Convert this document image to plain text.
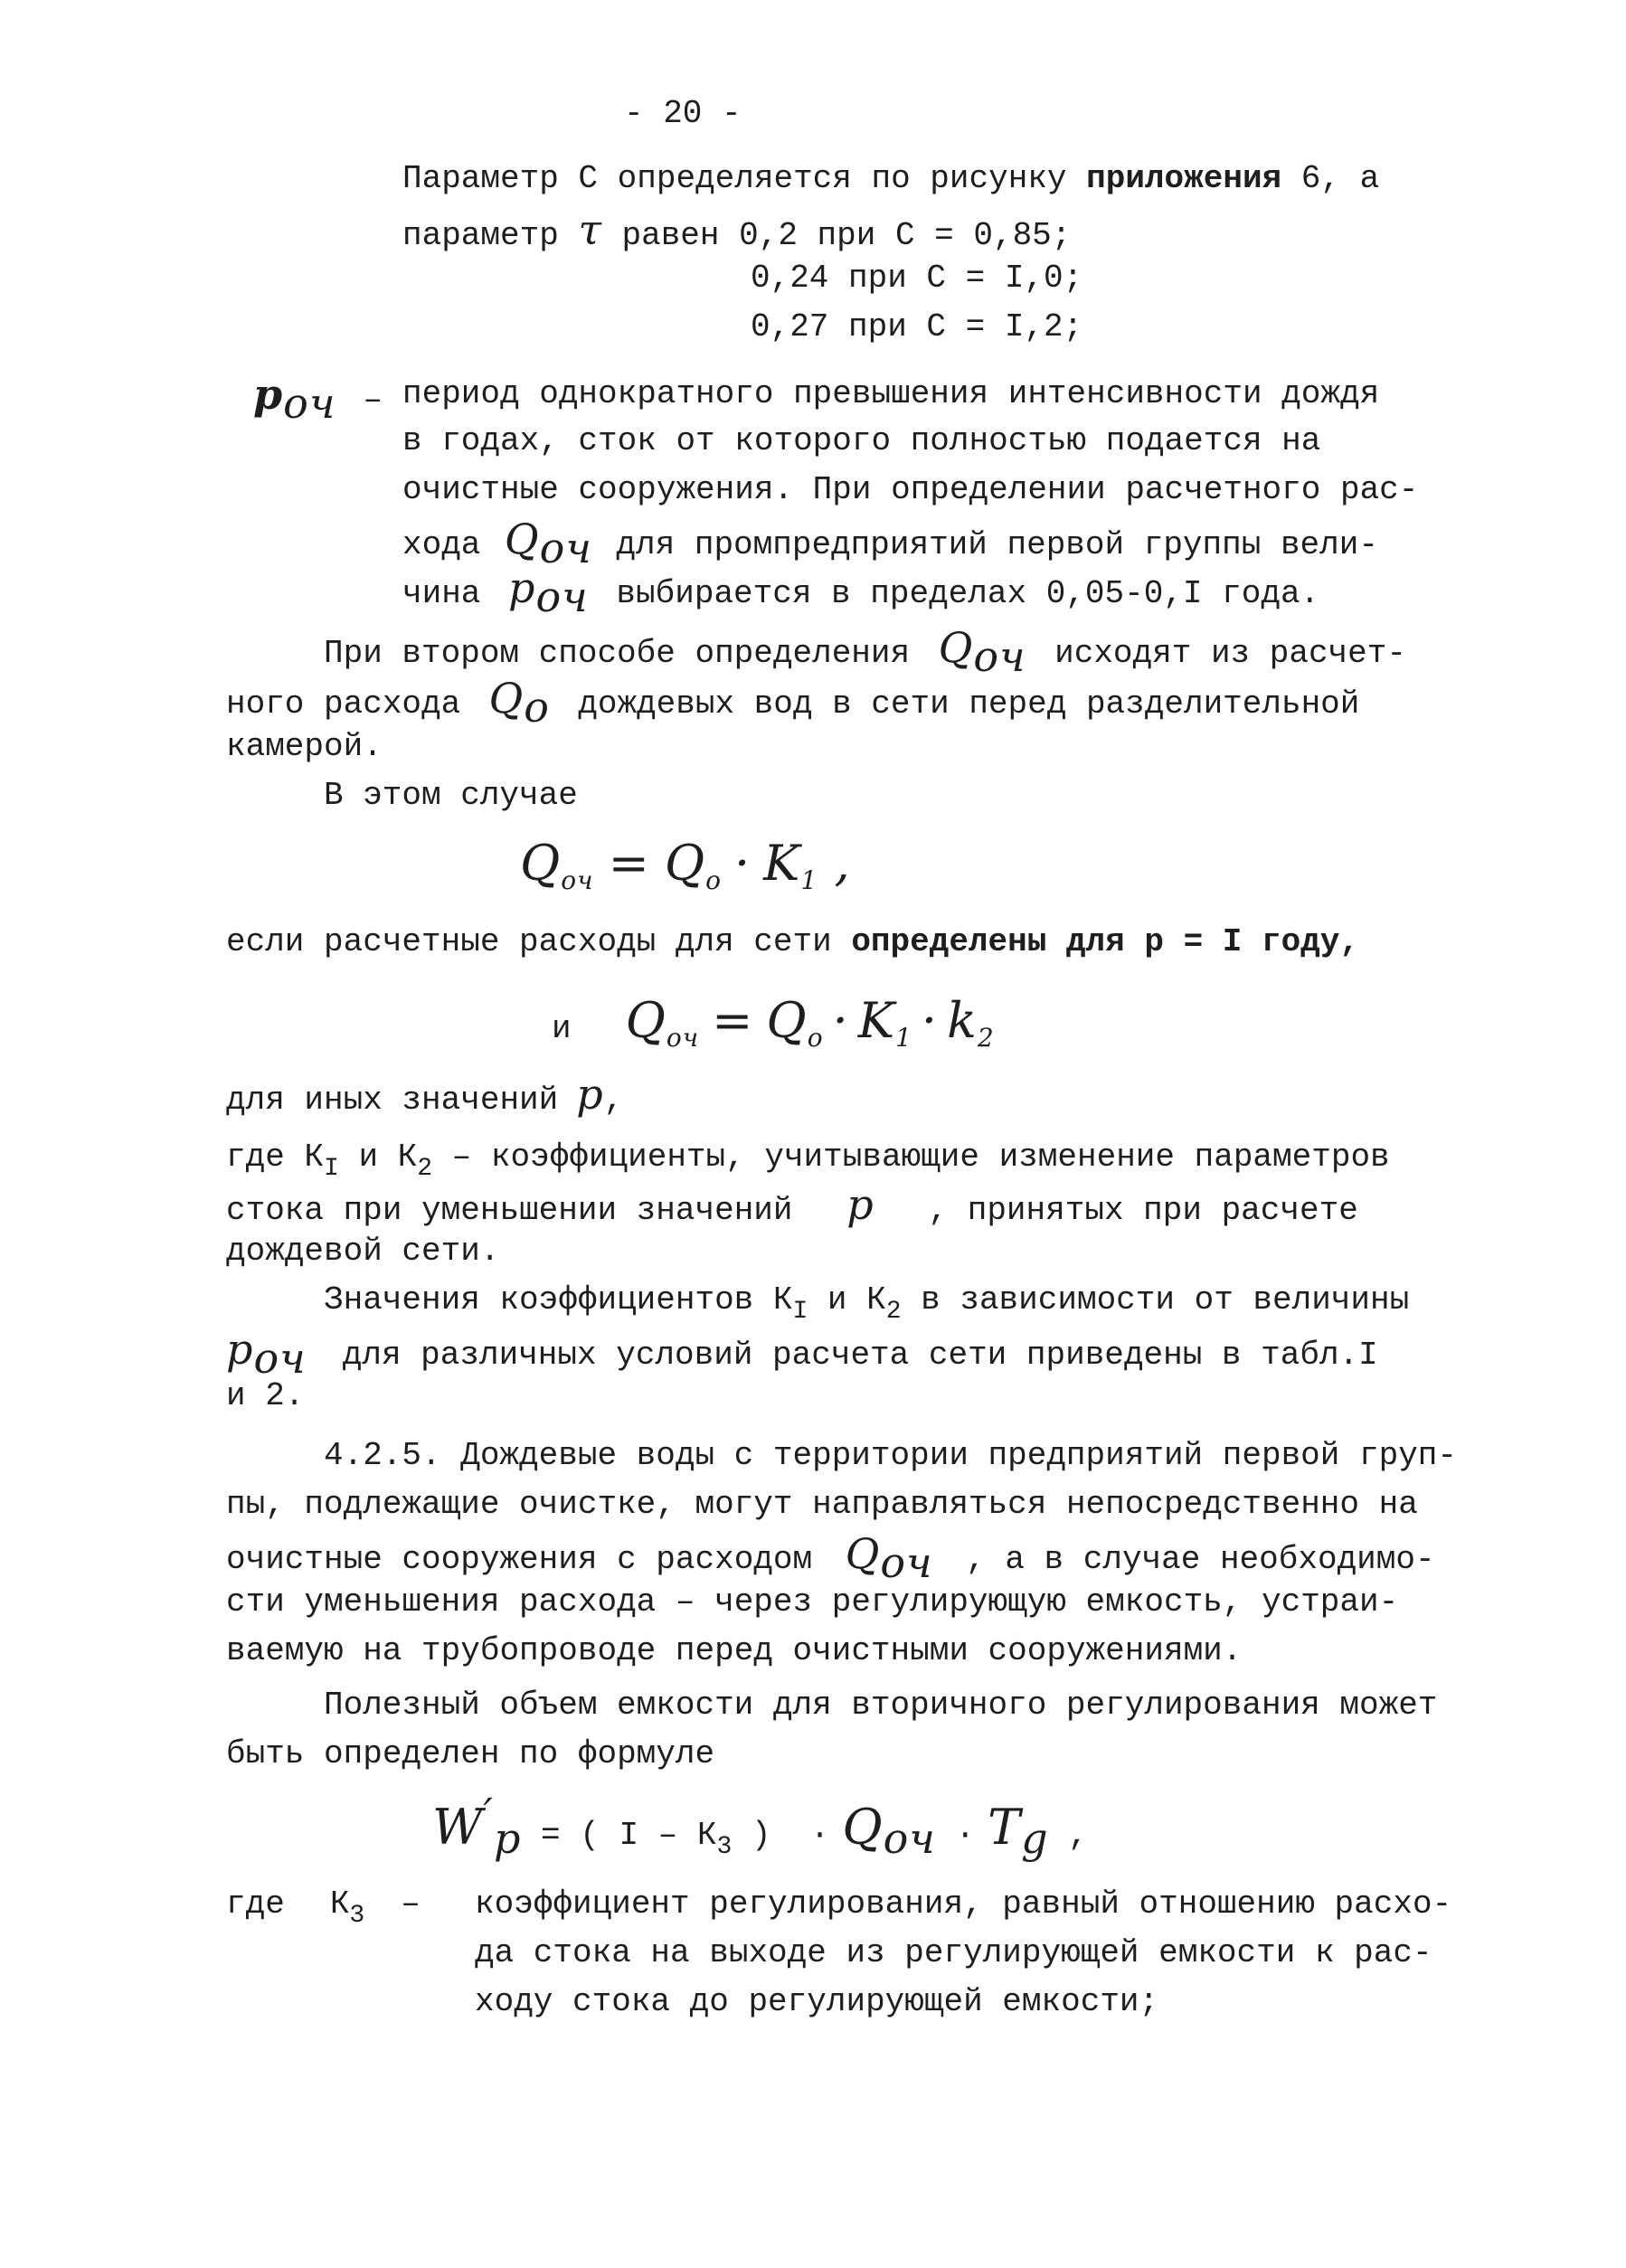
- 20 -
Параметр С определяется по рисунку приложения 6, а
параметр τ равен 0,2 при С = 0,85;
0,24 при С = I,0;
0,27 при С = I,2;
$p_{оч}$ – период однократного превышения интенсивности дождя
в годах, сток от которого полностью подается на
очистные сооружения. При определении расчетного рас-
хода $Q_{оч}$ для промпредприятий первой группы вели-
чина $p_{оч}$ выбирается в пределах 0,05-0,I года.
При втором способе определения $Q_{оч}$ исходят из расчет-
ного расхода $Q_о$ дождевых вод в сети перед разделительной
камерой.
В этом случае
$Q_{оч} = Q_о \cdot K_1$ ,
если расчетные расходы для сети определены для р = I году,
и $Q_{оч} = Q_о \cdot K_1 \cdot k_2$
для иных значений p,
где $К_I$ и $К_2$ – коэффициенты, учитывающие изменение параметров
стока при уменьшении значений p , принятых при расчете
дождевой сети.
Значения коэффициентов $К_I$ и $К_2$ в зависимости от величины
$p_{оч}$ для различных условий расчета сети приведены в табл.I
и 2.
4.2.5. Дождевые воды с территории предприятий первой груп-
пы, подлежащие очистке, могут направляться непосредственно на
очистные сооружения с расходом $Q_{оч}$ , а в случае необходимо-
сти уменьшения расхода – через регулирующую емкость, устраи-
ваемую на трубопроводе перед очистными сооружениями.
Полезный объем емкости для вторичного регулирования может
быть определен по формуле
$W'_p$ = ( I – $К_3$ )  · $Q_{оч} \cdot T_g$ ,
где $К_3$ – коэффициент регулирования, равный отношению расхо-
да стока на выходе из регулирующей емкости к рас-
ходу стока до регулирующей емкости;
